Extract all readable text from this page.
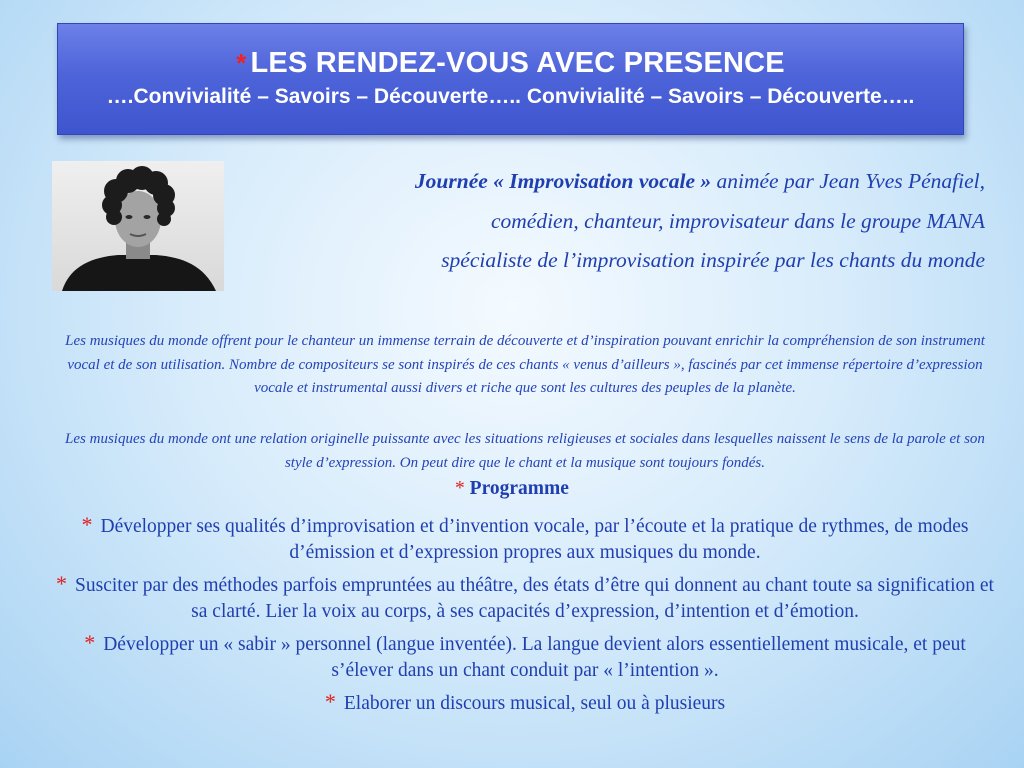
* LES RENDEZ-VOUS AVEC PRESENCE
….Convivialité – Savoirs – Découverte….. Convivialité – Savoirs – Découverte…..
Journée « Improvisation vocale » animée par Jean Yves Pénafiel,
comédien, chanteur, improvisateur dans le groupe MANA
spécialiste de l’improvisation inspirée par les chants du monde
Les musiques du monde offrent pour le chanteur un immense terrain de découverte et d’inspiration pouvant enrichir la compréhension de son instrument vocal et de son utilisation. Nombre de compositeurs se sont inspirés de ces chants « venus d’ailleurs », fascinés par cet immense répertoire d’expression vocale et instrumental aussi divers et riche que sont les cultures des peuples de la planète.
Les musiques du monde ont une relation originelle puissante avec les situations religieuses et sociales dans lesquelles naissent le sens de la parole et son style d’expression. On peut dire que le chant et la musique sont toujours fondés.
* Programme
* Développer ses qualités d’improvisation et d’invention vocale, par l’écoute et la pratique de rythmes, de modes d’émission et d’expression propres aux musiques du monde.
* Susciter par des méthodes parfois empruntées au théâtre, des états d’être qui donnent au chant toute sa signification et sa clarté. Lier la voix au corps, à ses capacités d’expression, d’intention et d’émotion.
* Développer un « sabir » personnel (langue inventée). La langue devient alors essentiellement musicale, et peut s’élever dans un chant conduit par « l’intention ».
* Elaborer un discours musical, seul ou à plusieurs
